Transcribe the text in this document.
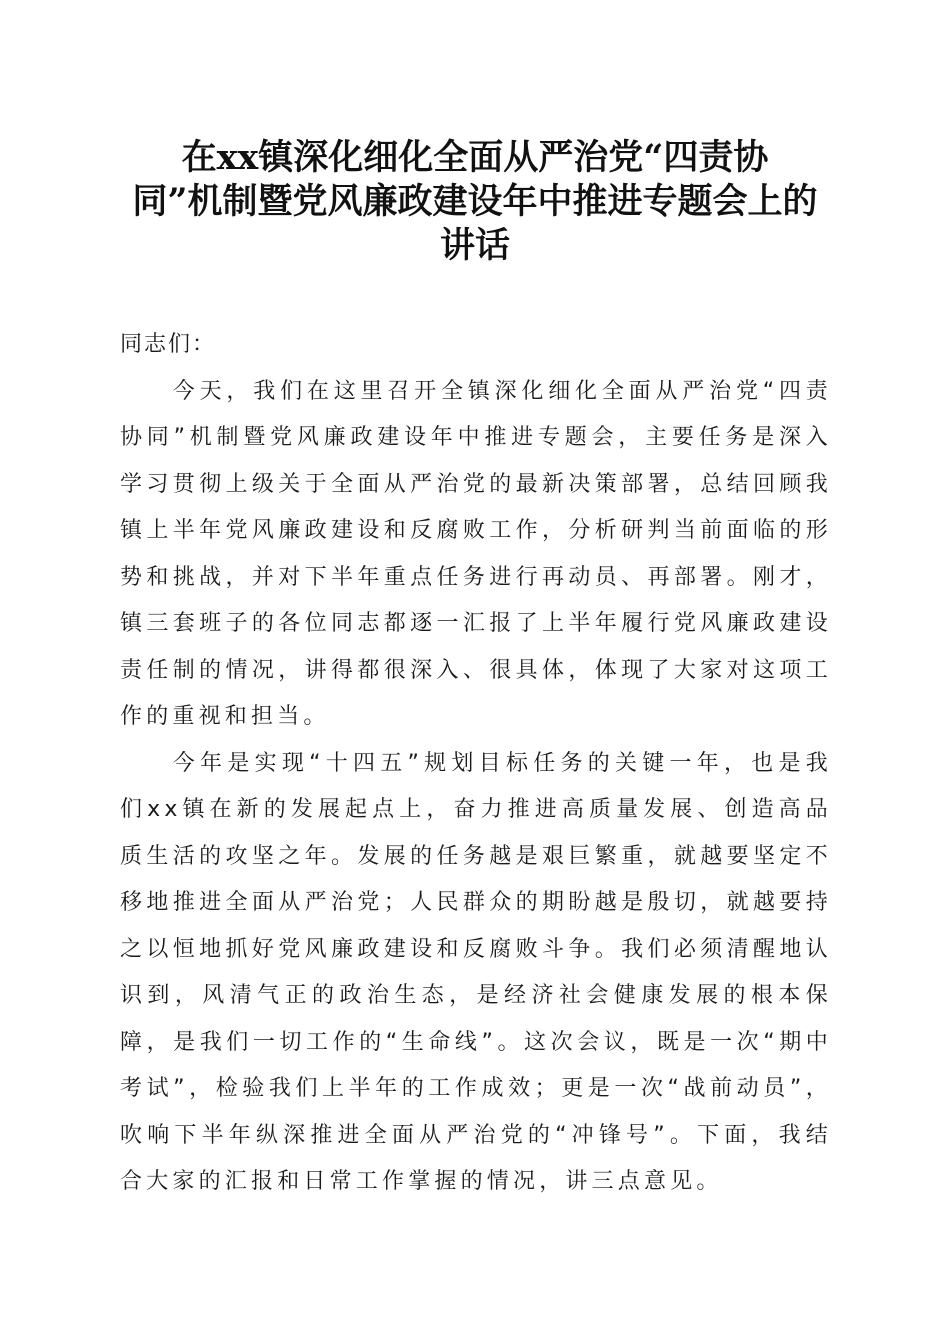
在xx镇深化细化全面从严治党“四责协
同”机制暨党风廉政建设年中推进专题会上的
讲话

同志们：

今天，我们在这里召开全镇深化细化全面从严治党“四责协同”机制暨党风廉政建设年中推进专题会，主要任务是深入学习贯彻上级关于全面从严治党的最新决策部署，总结回顾我镇上半年党风廉政建设和反腐败工作，分析研判当前面临的形势和挑战，并对下半年重点任务进行再动员、再部署。刚才，镇三套班子的各位同志都逐一汇报了上半年履行党风廉政建设责任制的情况，讲得都很深入、很具体，体现了大家对这项工作的重视和担当。

今年是实现“十四五”规划目标任务的关键一年，也是我们xx镇在新的发展起点上，奋力推进高质量发展、创造高品质生活的攻坚之年。发展的任务越是艰巨繁重，就越要坚定不移地推进全面从严治党；人民群众的期盼越是殷切，就越要持之以恒地抓好党风廉政建设和反腐败斗争。我们必须清醒地认识到，风清气正的政治生态，是经济社会健康发展的根本保障，是我们一切工作的“生命线”。这次会议，既是一次“期中考试”，检验我们上半年的工作成效；更是一次“战前动员”，吹响下半年纵深推进全面从严治党的“冲锋号”。下面，我结合大家的汇报和日常工作掌握的情况，讲三点意见。
